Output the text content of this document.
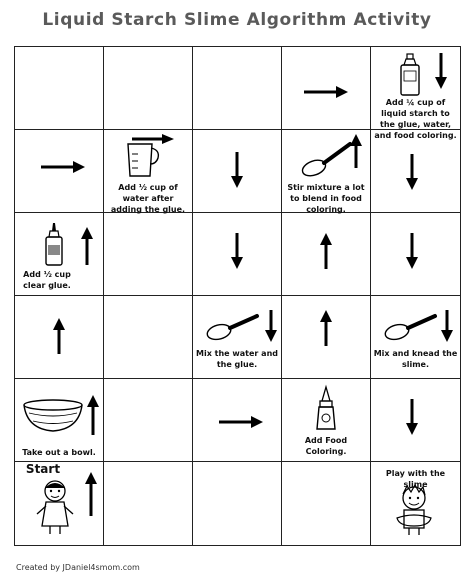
Liquid Starch Slime Algorithm Activity
Add ¼ cup of liquid starch to the glue, water, and food coloring.
Add ½ cup of water after adding the glue.
Stir mixture a lot to blend in food coloring.
Add ½ cup clear glue.
Mix the water and the glue.
Mix and knead the slime.
Take out a bowl.
Add Food Coloring.
Start	Play with the slime
Created by JDaniel4smom.com
